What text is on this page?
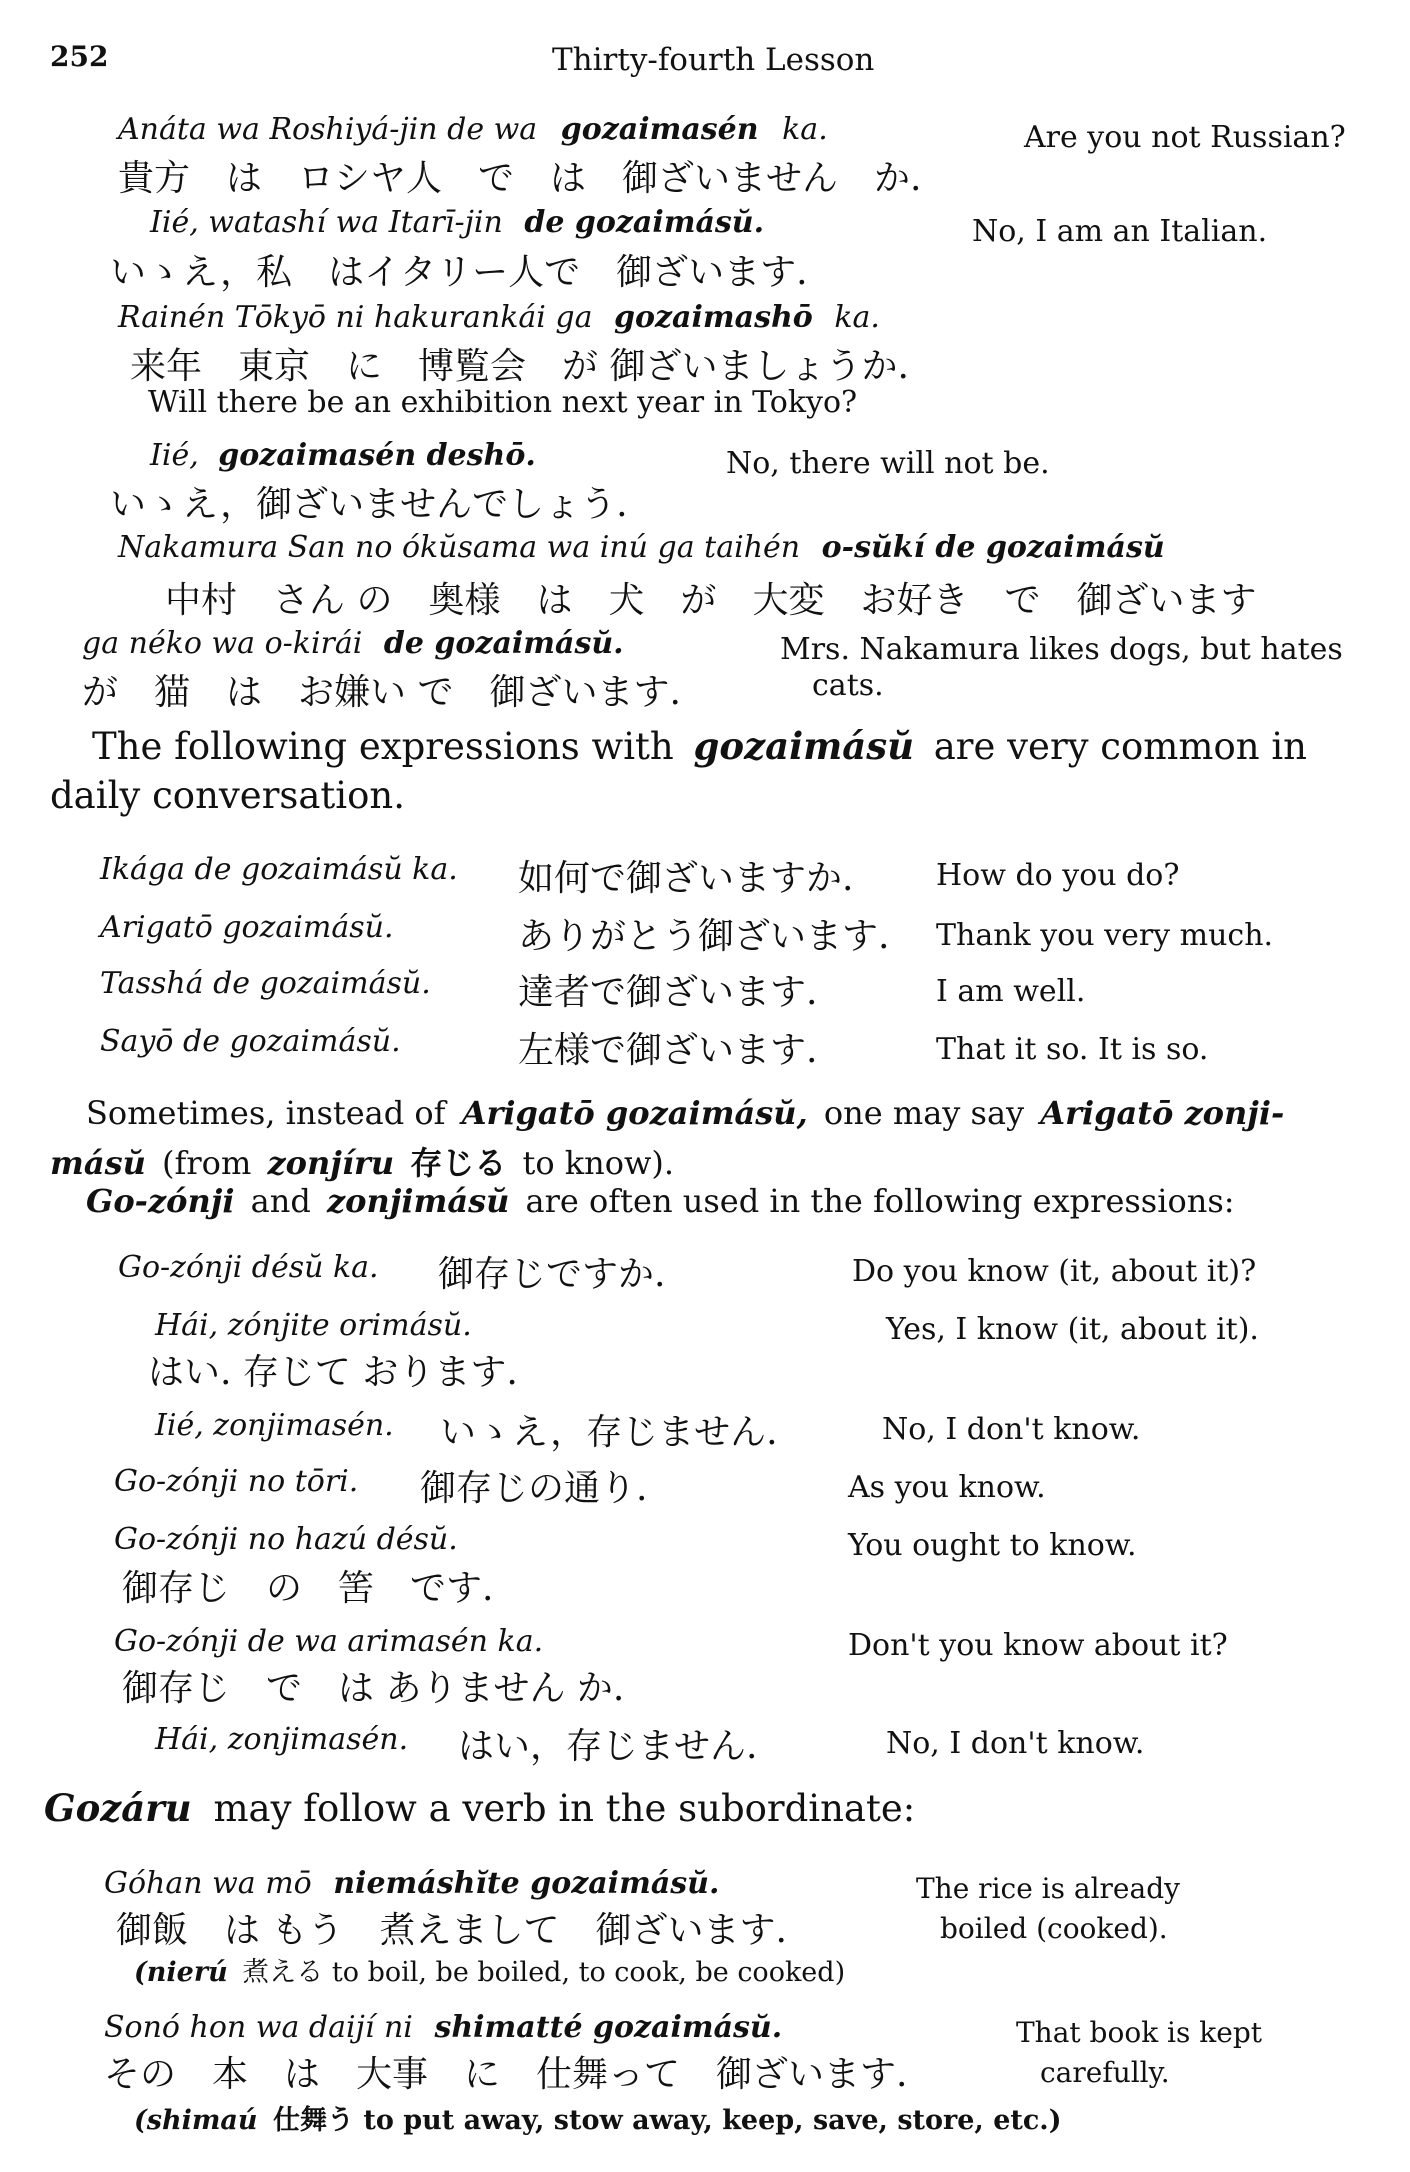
252	Thirty-fourth Lesson
Anáta wa Roshiyá-jin de wa gozaimasén ka.	Are you not Russian?
貴方　は　ロシヤ人　で　は　御ざいません　か.
Iié, watashí wa Itarī-jin de gozaimásŭ.	No, I am an Italian.
いゝえ，私　はイタリー人で　御ざいます.
Rainén Tōkyō ni hakurankái ga gozaimashō ka.
来年　東京　に　博覧会　が 御ざいましょうか.
Will there be an exhibition next year in Tokyo?
Iié, gozaimasén deshō.	No, there will not be.
いゝえ，御ざいませんでしょう.
Nakamura San no ókŭsama wa inú ga taihén o-sŭkí de gozaimásŭ
中村　さん の　奥様　は　犬　が　大変　お好き　で　御ざいます
ga néko wa o-kirái de gozaimásŭ.	Mrs. Nakamura likes dogs, but hates
が　猫　は　お嫌い で　御ざいます.	cats.
The following expressions with gozaimásŭ are very common in
daily conversation.
Ikága de gozaimásŭ ka. 如何で御ざいますか.	How do you do?
Arigatō gozaimásŭ.	ありがとう御ざいます. Thank you very much.
Tasshá de gozaimásŭ. 達者で御ざいます.	I am well.
Sayō de gozaimásŭ.	左様で御ざいます.	That it so. It is so.
Sometimes, instead of Arigatō gozaimásŭ, one may say Arigatō zonji-
másŭ (from zonjíru 存じる to know).
Go-zónji and zonjimásŭ are often used in the following expressions:
Go-zónji désŭ ka. 御存じですか.	Do you know (it, about it)?
Hái, zónjite orimásŭ.	Yes, I know (it, about it).
はい. 存じて おります.
Iié, zonjimasén. いゝえ，存じません.	No, I don't know.
Go-zónji no tōri. 御存じの通り.	As you know.
Go-zónji no hazú désŭ.	You ought to know.
御存じ　の　筈　です.
Go-zónji de wa arimasén ka.	Don't you know about it?
御存じ　で　は ありません か.
Hái, zonjimasén. はい，存じません.	No, I don't know.
Gozáru may follow a verb in the subordinate:
Góhan wa mō niemáshĭte gozaimásŭ.	The rice is already
御飯　は もう　煮えまして　御ざいます.	boiled (cooked).
(nierú 煮える to boil, be boiled, to cook, be cooked)
Sonó hon wa daijí ni shimatté gozaimásŭ.	That book is kept
その　本　は　大事　に　仕舞って　御ざいます.	carefully.
(shimaú 仕舞う to put away, stow away, keep, save, store, etc.)
